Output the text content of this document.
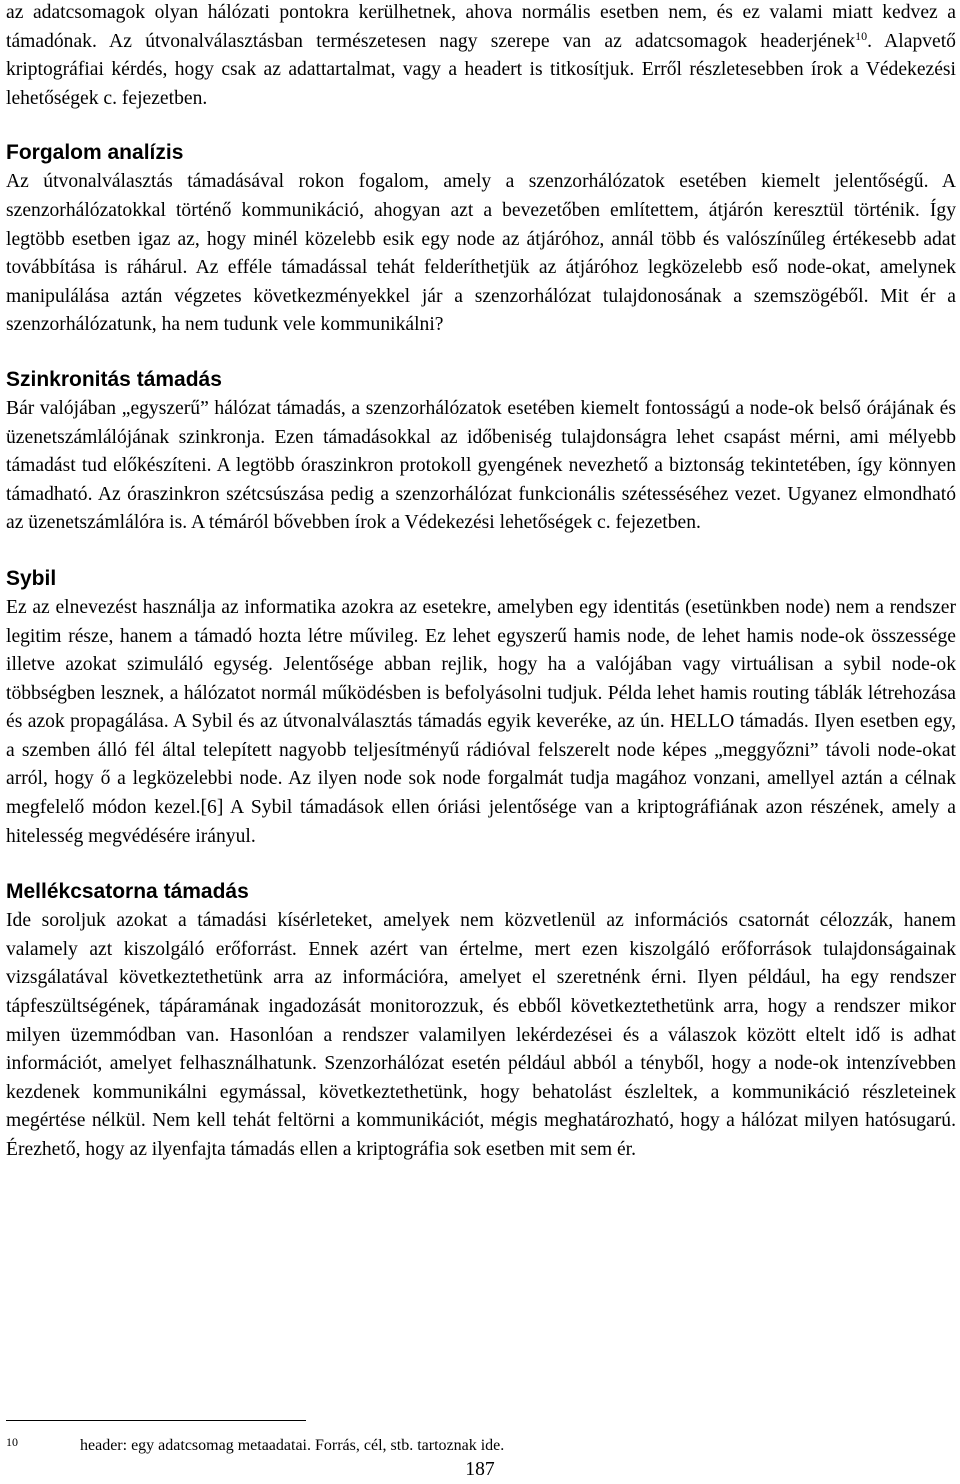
az adatcsomagok olyan hálózati pontokra kerülhetnek, ahova normális esetben nem, és ez valami miatt kedvez a támadónak. Az útvonalválasztásban természetesen nagy szerepe van az adatcsomagok headerjének$^{10}$. Alapvető kriptográfiai kérdés, hogy csak az adattartalmat, vagy a headert is titkosítjuk. Erről részletesebben írok a Védekezési lehetőségek c. fejezetben.

Forgalom analízis

Az útvonalválasztás támadásával rokon fogalom, amely a szenzorhálózatok esetében kiemelt jelentőségű. A szenzorhálózatokkal történő kommunikáció, ahogyan azt a bevezetőben említettem, átjárón keresztül történik. Így legtöbb esetben igaz az, hogy minél közelebb esik egy node az átjáróhoz, annál több és valószínűleg értékesebb adat továbbítása is ráhárul. Az efféle támadással tehát felderíthetjük az átjáróhoz legközelebb eső node-okat, amelynek manipulálása aztán végzetes következményekkel jár a szenzorhálózat tulajdonosának a szemszögéből. Mit ér a szenzorhálózatunk, ha nem tudunk vele kommunikálni?

Szinkronitás támadás

Bár valójában „egyszerű” hálózat támadás, a szenzorhálózatok esetében kiemelt fontosságú a node-ok belső órájának és üzenetszámlálójának szinkronja. Ezen támadásokkal az időbeniség tulajdonságra lehet csapást mérni, ami mélyebb támadást tud előkészíteni. A legtöbb óraszinkron protokoll gyengének nevezhető a biztonság tekintetében, így könnyen támadható. Az óraszinkron szétcsúszása pedig a szenzorhálózat funkcionális szétesséséhez vezet. Ugyanez elmondható az üzenetszámlálóra is. A témáról bővebben írok a Védekezési lehetőségek c. fejezetben.

Sybil

Ez az elnevezést használja az informatika azokra az esetekre, amelyben egy identitás (esetünkben node) nem a rendszer legitim része, hanem a támadó hozta létre művileg. Ez lehet egyszerű hamis node, de lehet hamis node-ok összessége illetve azokat szimuláló egység. Jelentősége abban rejlik, hogy ha a valójában vagy virtuálisan a sybil node-ok többségben lesznek, a hálózatot normál működésben is befolyásolni tudjuk. Példa lehet hamis routing táblák létrehozása és azok propagálása. A Sybil és az útvonalválasztás támadás egyik keveréke, az ún. HELLO támadás. Ilyen esetben egy, a szemben álló fél által telepített nagyobb teljesítményű rádióval felszerelt node képes „meggyőzni” távoli node-okat arról, hogy ő a legközelebbi node. Az ilyen node sok node forgalmát tudja magához vonzani, amellyel aztán a célnak megfelelő módon kezel.[6] A Sybil támadások ellen óriási jelentősége van a kriptográfiának azon részének, amely a hitelesség megvédésére irányul.

Mellékcsatorna támadás

Ide soroljuk azokat a támadási kísérleteket, amelyek nem közvetlenül az információs csatornát célozzák, hanem valamely azt kiszolgáló erőforrást. Ennek azért van értelme, mert ezen kiszolgáló erőforrások tulajdonságainak vizsgálatával következtethetünk arra az információra, amelyet el szeretnénk érni. Ilyen például, ha egy rendszer tápfeszültségének, tápáramának ingadozását monitorozzuk, és ebből következtethetünk arra, hogy a rendszer mikor milyen üzemmódban van. Hasonlóan a rendszer valamilyen lekérdezései és a válaszok között eltelt idő is adhat információt, amelyet felhasználhatunk. Szenzorhálózat esetén például abból a tényből, hogy a node-ok intenzívebben kezdenek kommunikálni egymással, következtethetünk, hogy behatolást észleltek, a kommunikáció részleteinek megértése nélkül. Nem kell tehát feltörni a kommunikációt, mégis meghatározható, hogy a hálózat milyen hatósugarú. Érezhető, hogy az ilyenfajta támadás ellen a kriptográfia sok esetben mit sem ér.

10	header: egy adatcsomag metaadatai. Forrás, cél, stb. tartoznak ide.
187
